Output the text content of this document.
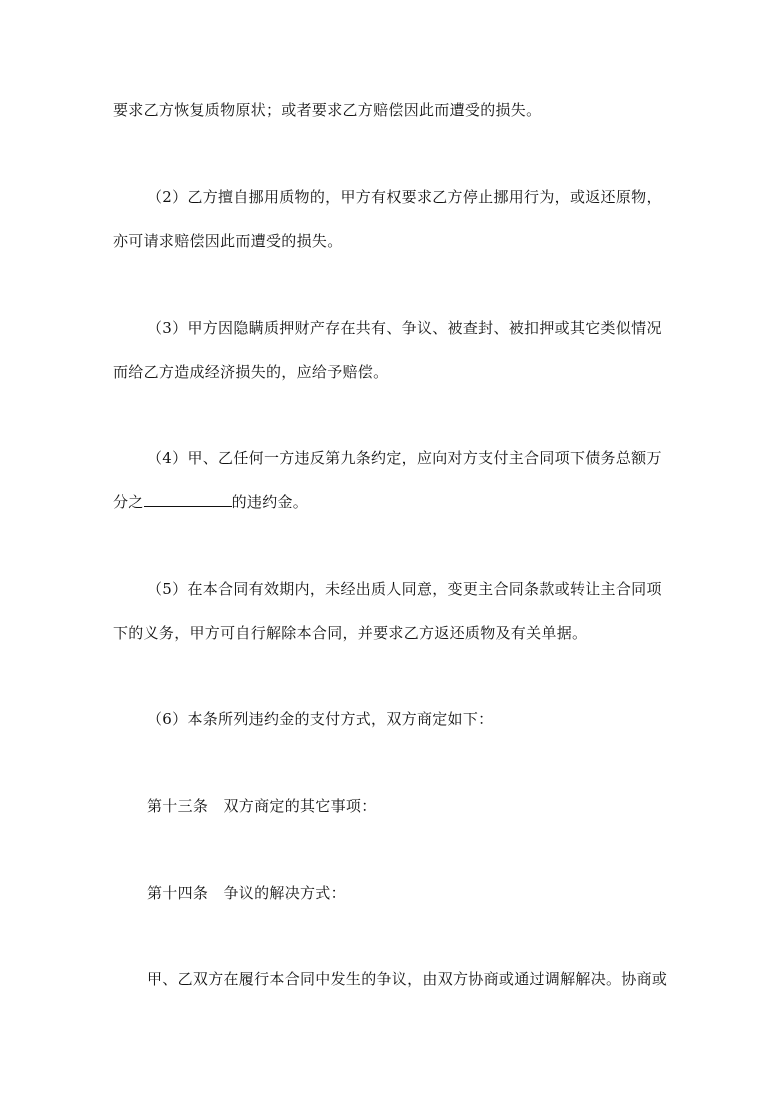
要求乙方恢复质物原状；或者要求乙方赔偿因此而遭受的损失。
（2）乙方擅自挪用质物的，甲方有权要求乙方停止挪用行为，或返还原物，
亦可请求赔偿因此而遭受的损失。
（3）甲方因隐瞒质押财产存在共有、争议、被查封、被扣押或其它类似情况
而给乙方造成经济损失的，应给予赔偿。
（4）甲、乙任何一方违反第九条约定，应向对方支付主合同项下债务总额万
分之	的违约金。
（5）在本合同有效期内，未经出质人同意，变更主合同条款或转让主合同项
下的义务，甲方可自行解除本合同，并要求乙方返还质物及有关单据。
（6）本条所列违约金的支付方式，双方商定如下：
第十三条　双方商定的其它事项：
第十四条　争议的解决方式：
甲、乙双方在履行本合同中发生的争议，由双方协商或通过调解解决。协商或
